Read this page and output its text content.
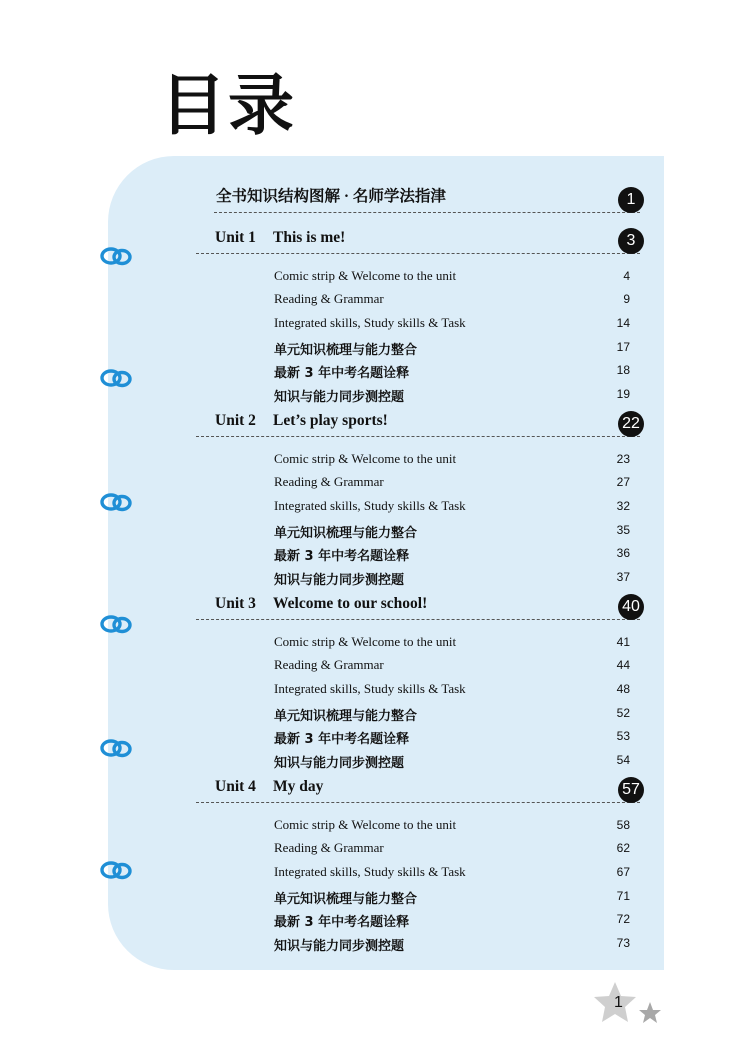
目录
全书知识结构图解 · 名师学法指津	1
Unit 1 This is me!	3
Comic strip & Welcome to the unit	4
Reading & Grammar	9
Integrated skills, Study skills & Task	14
单元知识梳理与能力整合	17
最新 3 年中考名题诠释	18
知识与能力同步测控题	19
Unit 2 Let’s play sports!	22
Comic strip & Welcome to the unit	23
Reading & Grammar	27
Integrated skills, Study skills & Task	32
单元知识梳理与能力整合	35
最新 3 年中考名题诠释	36
知识与能力同步测控题	37
Unit 3 Welcome to our school!	40
Comic strip & Welcome to the unit	41
Reading & Grammar	44
Integrated skills, Study skills & Task	48
单元知识梳理与能力整合	52
最新 3 年中考名题诠释	53
知识与能力同步测控题	54
Unit 4 My day	57
Comic strip & Welcome to the unit	58
Reading & Grammar	62
Integrated skills, Study skills & Task	67
单元知识梳理与能力整合	71
最新 3 年中考名题诠释	72
知识与能力同步测控题	73
1
